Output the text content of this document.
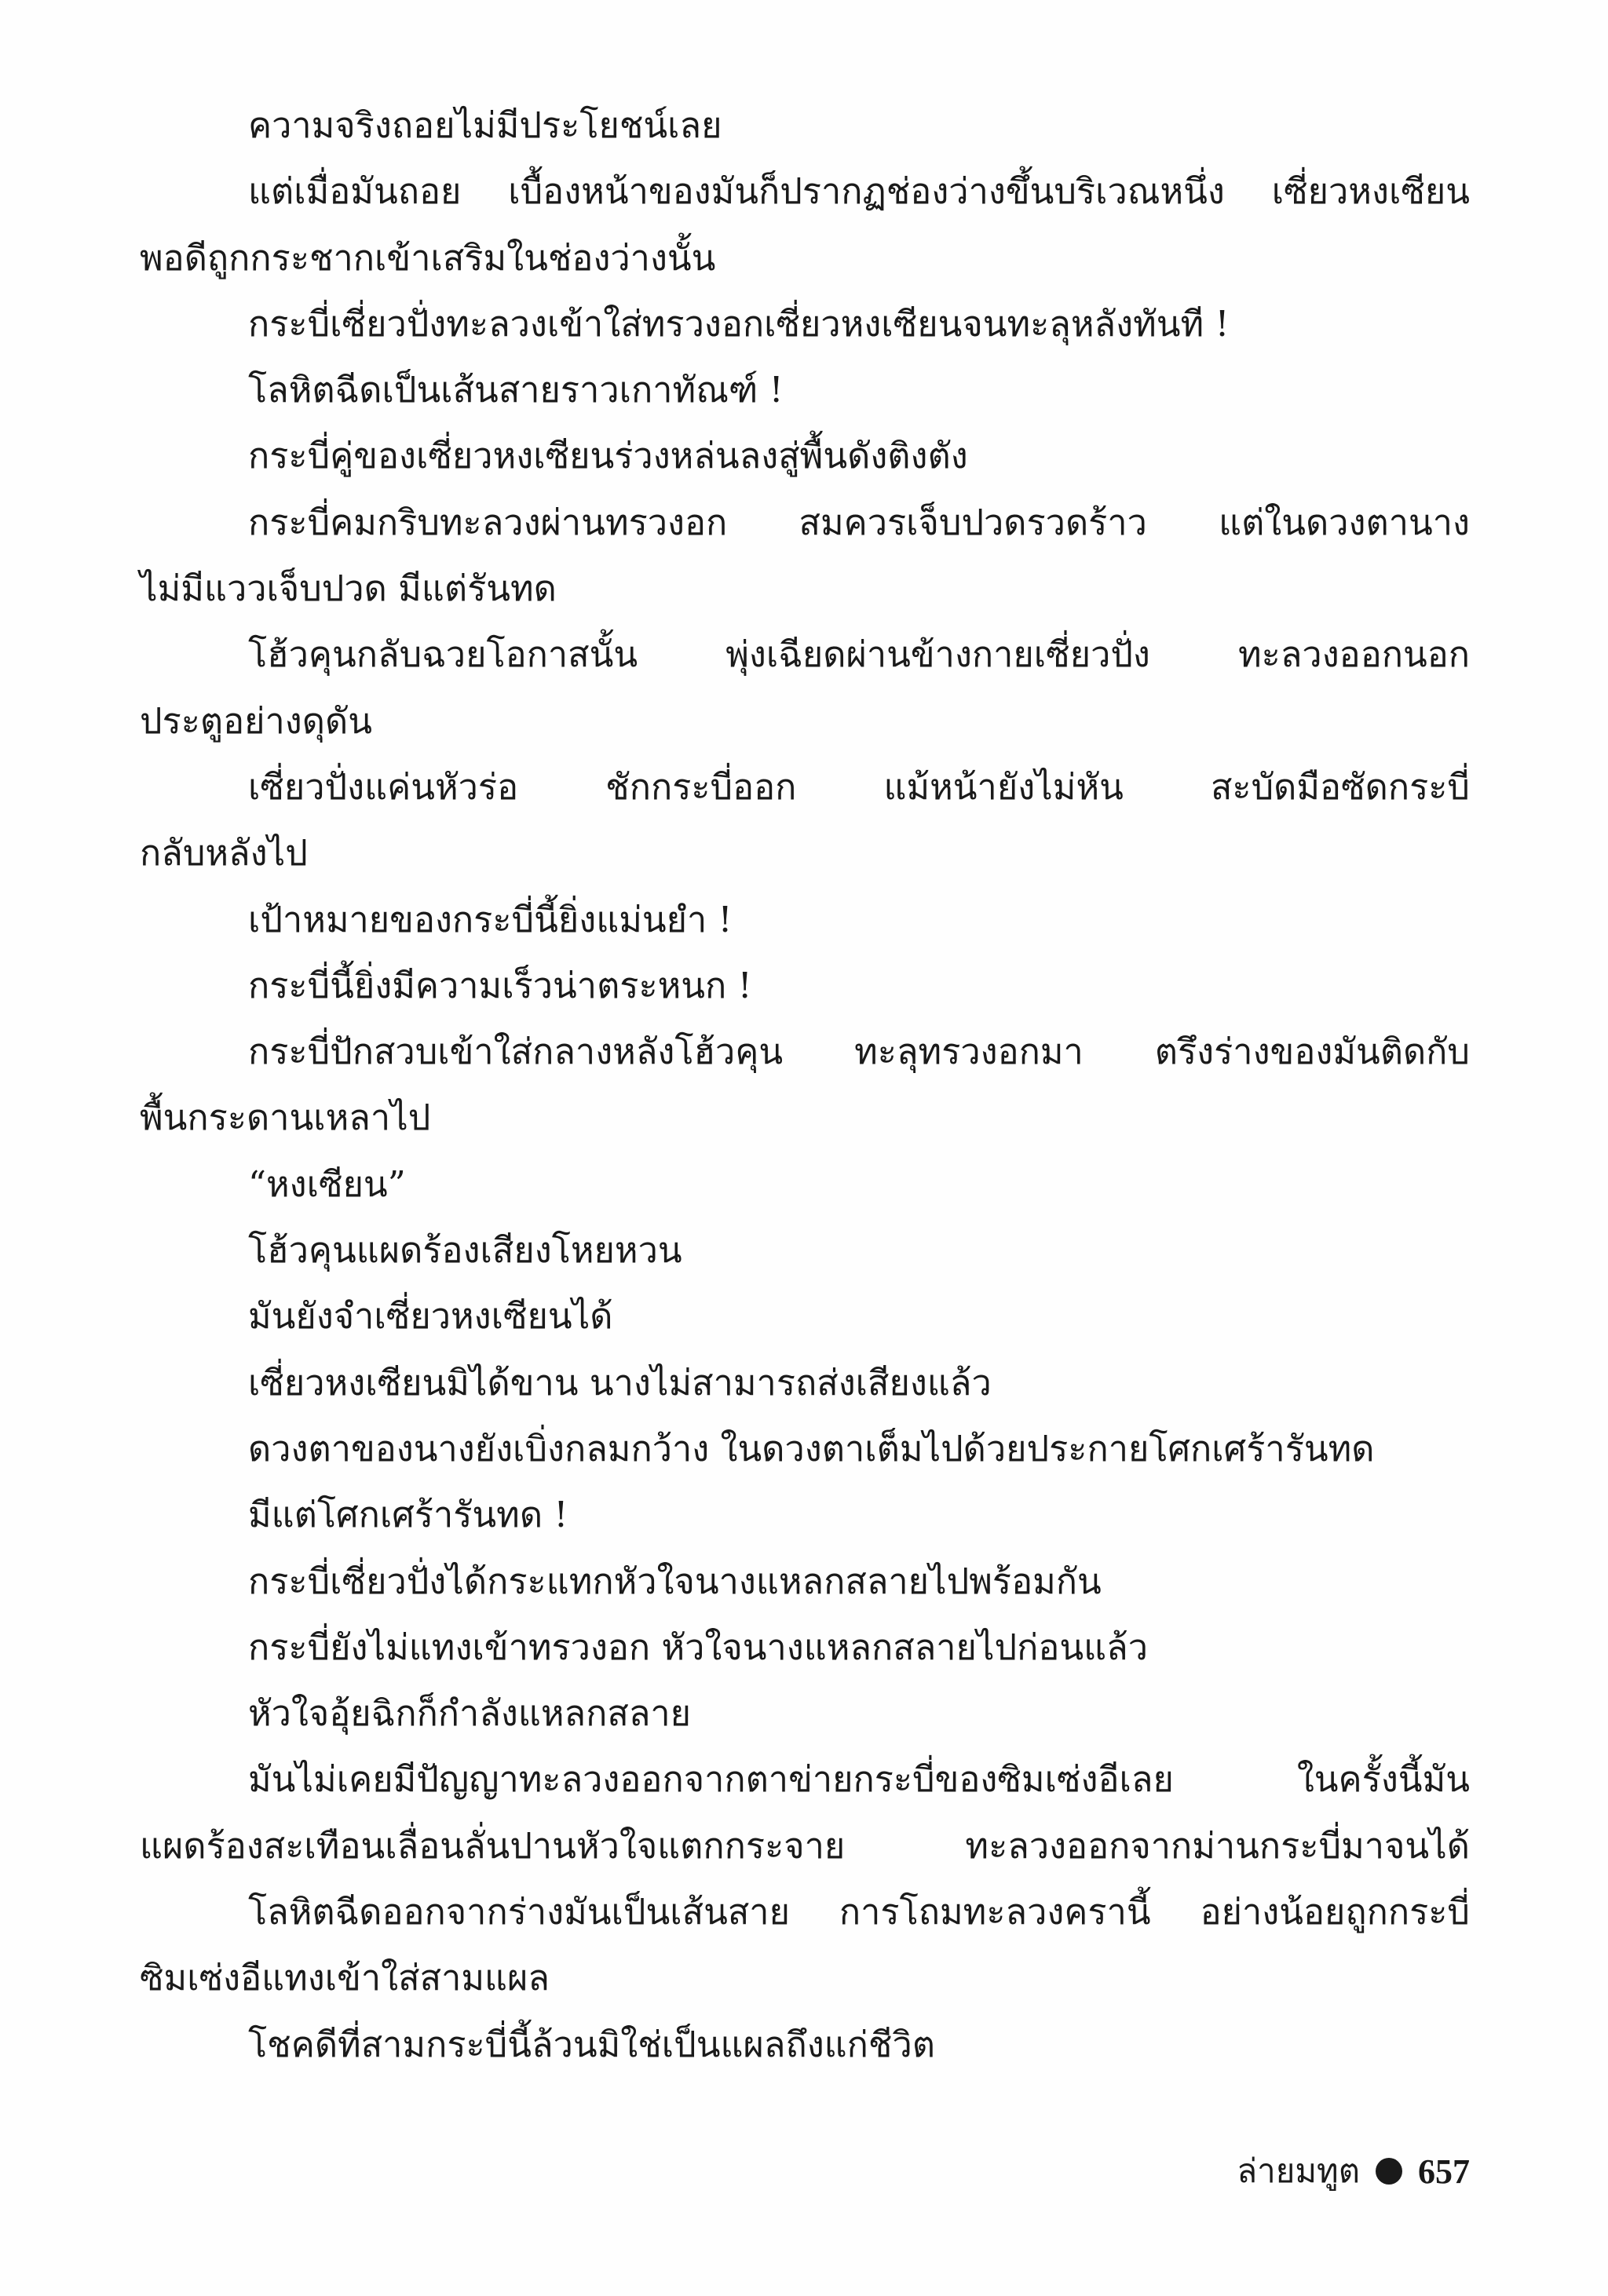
ความจริงถอยไม่มีประโยชน์เลย
แต่เมื่อมันถอย เบื้องหน้าของมันก็ปรากฏช่องว่างขึ้นบริเวณหนึ่ง เซี่ยวหงเซียน
พอดีถูกกระชากเข้าเสริมในช่องว่างนั้น
กระบี่เซี่ยวปั่งทะลวงเข้าใส่ทรวงอกเซี่ยวหงเซียนจนทะลุหลังทันที !
โลหิตฉีดเป็นเส้นสายราวเกาทัณฑ์ !
กระบี่คู่ของเซี่ยวหงเซียนร่วงหล่นลงสู่พื้นดังติงตัง
กระบี่คมกริบทะลวงผ่านทรวงอก สมควรเจ็บปวดรวดร้าว แต่ในดวงตานาง
ไม่มีแววเจ็บปวด มีแต่รันทด
โฮ้วคุนกลับฉวยโอกาสนั้น พุ่งเฉียดผ่านข้างกายเซี่ยวปั่ง ทะลวงออกนอก
ประตูอย่างดุดัน
เซี่ยวปั่งแค่นหัวร่อ ชักกระบี่ออก แม้หน้ายังไม่หัน สะบัดมือซัดกระบี่
กลับหลังไป
เป้าหมายของกระบี่นี้ยิ่งแม่นยำ !
กระบี่นี้ยิ่งมีความเร็วน่าตระหนก !
กระบี่ปักสวบเข้าใส่กลางหลังโฮ้วคุน ทะลุทรวงอกมา ตรึงร่างของมันติดกับ
พื้นกระดานเหลาไป
“หงเซียน”
โฮ้วคุนแผดร้องเสียงโหยหวน
มันยังจำเซี่ยวหงเซียนได้
เซี่ยวหงเซียนมิได้ขาน นางไม่สามารถส่งเสียงแล้ว
ดวงตาของนางยังเบิ่งกลมกว้าง ในดวงตาเต็มไปด้วยประกายโศกเศร้ารันทด
มีแต่โศกเศร้ารันทด !
กระบี่เซี่ยวปั่งได้กระแทกหัวใจนางแหลกสลายไปพร้อมกัน
กระบี่ยังไม่แทงเข้าทรวงอก หัวใจนางแหลกสลายไปก่อนแล้ว
หัวใจอุ้ยฉิกก็กำลังแหลกสลาย
มันไม่เคยมีปัญญาทะลวงออกจากตาข่ายกระบี่ของซิมเซ่งอีเลย ในครั้งนี้มัน
แผดร้องสะเทือนเลื่อนลั่นปานหัวใจแตกกระจาย ทะลวงออกจากม่านกระบี่มาจนได้
โลหิตฉีดออกจากร่างมันเป็นเส้นสาย การโถมทะลวงครานี้ อย่างน้อยถูกกระบี่
ซิมเซ่งอีแทงเข้าใส่สามแผล
โชคดีที่สามกระบี่นี้ล้วนมิใช่เป็นแผลถึงแก่ชีวิต
ล่ายมทูต 657
